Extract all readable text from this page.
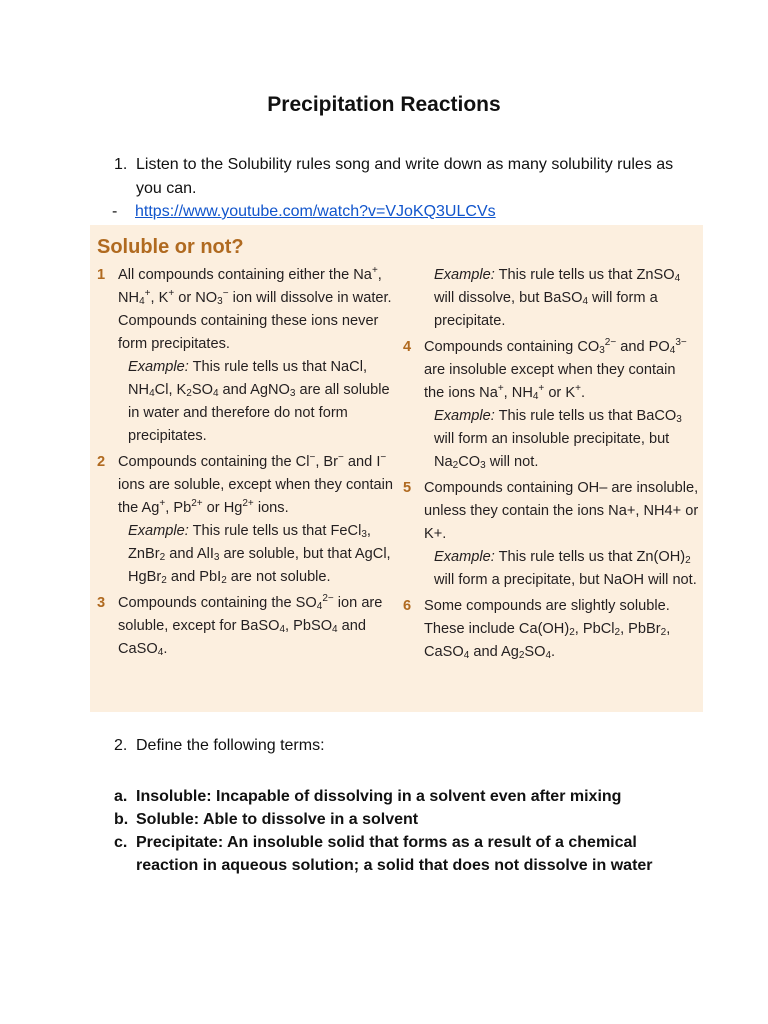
Precipitation Reactions
1. Listen to the Solubility rules song and write down as many solubility rules as you can.
- https://www.youtube.com/watch?v=VJoKQ3ULCVs
Soluble or not?
1 All compounds containing either the Na+, $NH_4^+$, K+ or $NO_3^-$ ion will dissolve in water. Compounds containing these ions never form precipitates.

Example: This rule tells us that NaCl, $NH_4Cl$, $K_2SO_4$ and AgNO$_3$ are all soluble in water and therefore do not form precipitates.

2 Compounds containing the Cl−, Br− and I− ions are soluble, except when they contain the Ag+, $Pb^{2+}$ or $Hg^{2+}$ ions.

Example: This rule tells us that FeCl$_3$, ZnBr$_2$ and AlI$_3$ are soluble, but that AgCl, HgBr$_2$ and PbI$_2$ are not soluble.

3 Compounds containing the $SO_4^{2-}$ ion are soluble, except for BaSO$_4$, PbSO$_4$ and CaSO$_4$.

Example: This rule tells us that ZnSO$_4$ will dissolve, but BaSO$_4$ will form a precipitate.

4 Compounds containing $CO_3^{2-}$ and $PO_4^{3-}$ are insoluble except when they contain the ions Na+, $NH_4^+$ or K+.

Example: This rule tells us that BaCO$_3$ will form an insoluble precipitate, but $Na_2CO_3$ will not.

5 Compounds containing OH– are insoluble, unless they contain the ions Na+, NH4+ or K+.

Example: This rule tells us that $Zn(OH)_2$ will form a precipitate, but NaOH will not.

6 Some compounds are slightly soluble. These include $Ca(OH)_2$, PbCl$_2$, PbBr$_2$, CaSO$_4$ and $Ag_2SO_4$.

2. Define the following terms:
a. Insoluble: Incapable of dissolving in a solvent even after mixing
b. Soluble: Able to dissolve in a solvent
c. Precipitate: An insoluble solid that forms as a result of a chemical reaction in aqueous solution; a solid that does not dissolve in water
